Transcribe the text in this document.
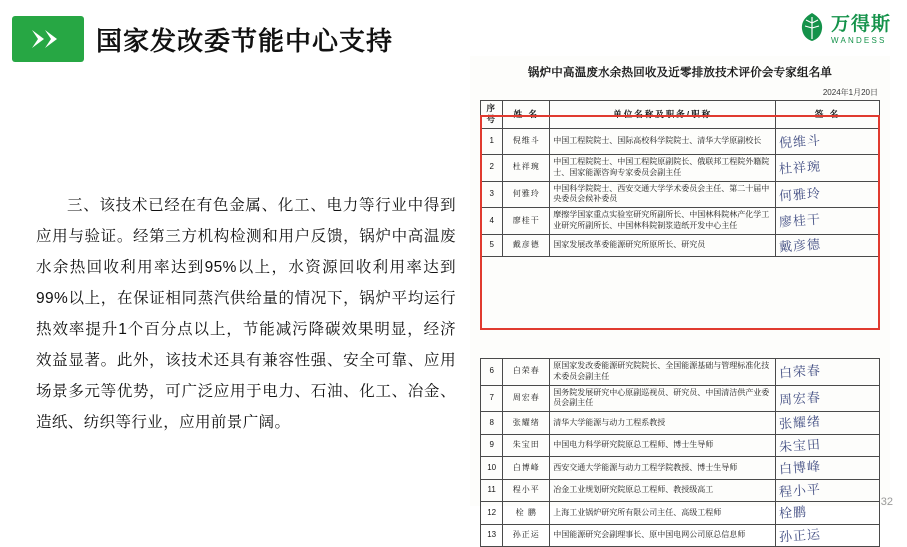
国家发改委节能中心支持
万得斯
WANDESS

三、该技术已经在有色金属、化工、电力等行业中得到应用与验证。经第三方机构检测和用户反馈，锅炉中高温废水余热回收利用率达到95%以上，水资源回收利用率达到99%以上，在保证相同蒸汽供给量的情况下，锅炉平均运行热效率提升1个百分点以上，节能减污降碳效果明显，经济效益显著。此外，该技术还具有兼容性强、安全可靠、应用场景多元等优势，可广泛应用于电力、石油、化工、冶金、造纸、纺织等行业，应用前景广阔。

锅炉中高温废水余热回收及近零排放技术评价会专家组名单
2024年1月20日
序号	姓 名	单位名称及职务/职称	签 名
1	倪维斗	中国工程院院士、国际高校科学院院士、清华大学原副校长	倪维斗
2	杜祥琬	中国工程院院士、中国工程院原副院长、俄联邦工程院外籍院士、国家能源咨询专家委员会副主任	杜祥琬
3	何雅玲	中国科学院院士、西安交通大学学术委员会主任、第二十届中央委员会候补委员	何雅玲
4	廖桂干	摩擦学国家重点实验室研究所副所长、中国林科院林产化学工业研究所副所长、中国林科院制浆造纸开发中心主任	廖桂干
5	戴彦德	国家发展改革委能源研究所原所长、研究员	戴彦德
6	白荣春	原国家发改委能源研究院院长、全国能源基础与管理标准化技术委员会副主任	白荣春
7	周宏春	国务院发展研究中心原副巡视员、研究员、中国清洁供产业委员会副主任	周宏春
8	张耀绪	清华大学能源与动力工程系教授	张耀绪
9	朱宝田	中国电力科学研究院原总工程师、博士生导师	朱宝田
10	白博峰	西安交通大学能源与动力工程学院教授、博士生导师	白博峰
11	程小平	冶金工业规划研究院原总工程师、教授级高工	程小平
12	栓 鹏	上海工业锅炉研究所有限公司主任、高级工程师	栓鹏
13	孙正运	中国能源研究会副理事长、原中国电网公司原总信息师	孙正运
32
